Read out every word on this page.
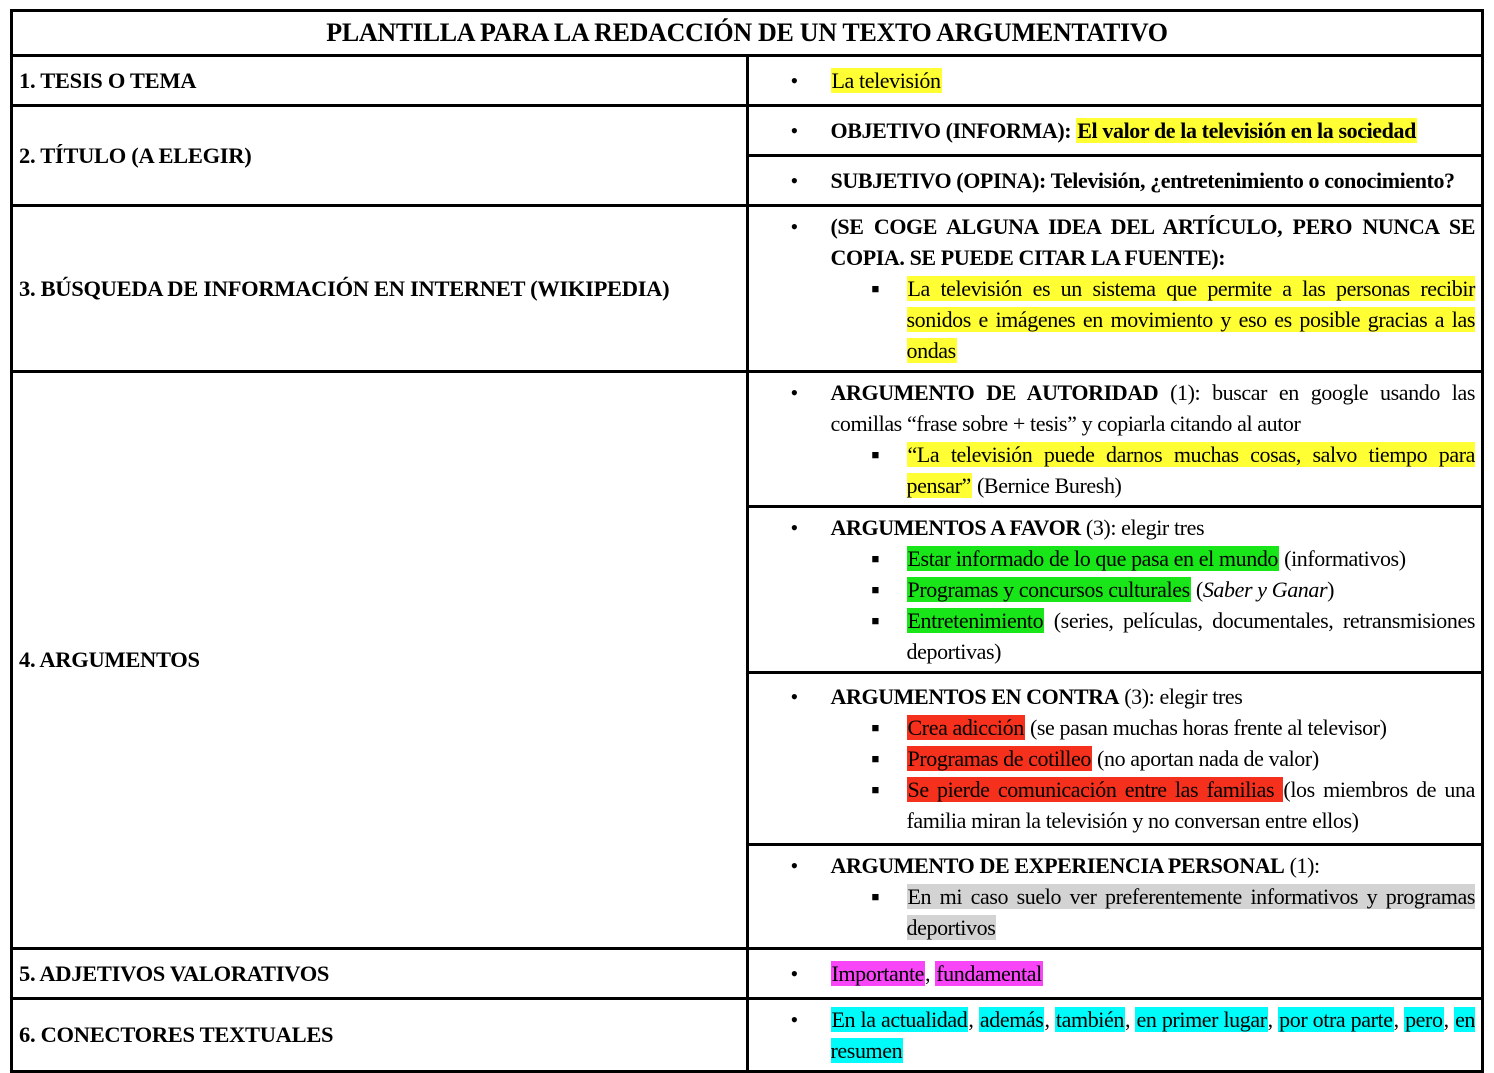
PLANTILLA PARA LA REDACCIÓN DE UN TEXTO ARGUMENTATIVO	
1. TESIS O TEMA	• La televisión

2. TÍTULO (A ELEGIR)	• OBJETIVO (INFORMA): El valor de la televisión en la sociedad

	• SUBJETIVO (OPINA): Televisión, ¿entretenimiento o conocimiento?

3. BÚSQUEDA DE INFORMACIÓN EN INTERNET (WIKIPEDIA)	• (SE COGE ALGUNA IDEA DEL ARTÍCULO, PERO NUNCA SE COPIA. SE PUEDE CITAR LA FUENTE):
■ La televisión es un sistema que permite a las personas recibir sonidos e imágenes en movimiento y eso es posible gracias a las ondas

4. ARGUMENTOS	• ARGUMENTO DE AUTORIDAD (1): buscar en google usando las comillas “frase sobre + tesis” y copiarla citando al autor
■ “La televisión puede darnos muchas cosas, salvo tiempo para pensar” (Bernice Buresh)

	• ARGUMENTOS A FAVOR (3): elegir tres
■ Estar informado de lo que pasa en el mundo (informativos)
■ Programas y concursos culturales (Saber y Ganar)
■ Entretenimiento (series, películas, documentales, retransmisiones deportivas)

	• ARGUMENTOS EN CONTRA (3): elegir tres
■ Crea adicción (se pasan muchas horas frente al televisor)
■ Programas de cotilleo (no aportan nada de valor)
■ Se pierde comunicación entre las familias (los miembros de una familia miran la televisión y no conversan entre ellos)

	• ARGUMENTO DE EXPERIENCIA PERSONAL (1):
■ En mi caso suelo ver preferentemente informativos y programas deportivos

5. ADJETIVOS VALORATIVOS	• Importante, fundamental

6. CONECTORES TEXTUALES	• En la actualidad, además, también, en primer lugar, por otra parte, pero, en resumen
